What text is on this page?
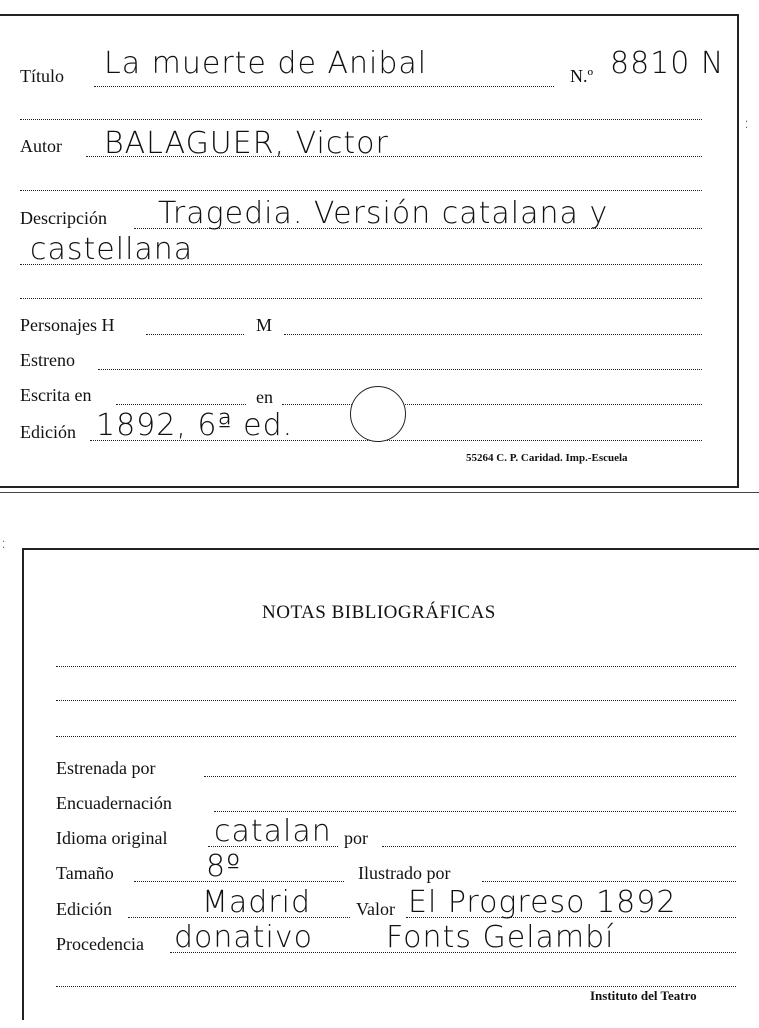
Título La muerte de Anibal	N.º 8810 N
Autor BALAGUER, Victor
Descripción Tragedia. Versión catalana y
castellana
Personajes H	M
Estreno
Escrita en	en
Edición 1892, 6ª ed.
55264 C. P. Caridad. Imp.-Escuela
⁚
⁚
NOTAS BIBLIOGRÁFICAS
Estrenada por
Encuadernación
Idioma original catalan por
Tamaño	8º	Ilustrado por
Edición	Madrid Valor El Progreso 1892
Procedencia donativo Fonts Gelambí
Instituto del Teatro
